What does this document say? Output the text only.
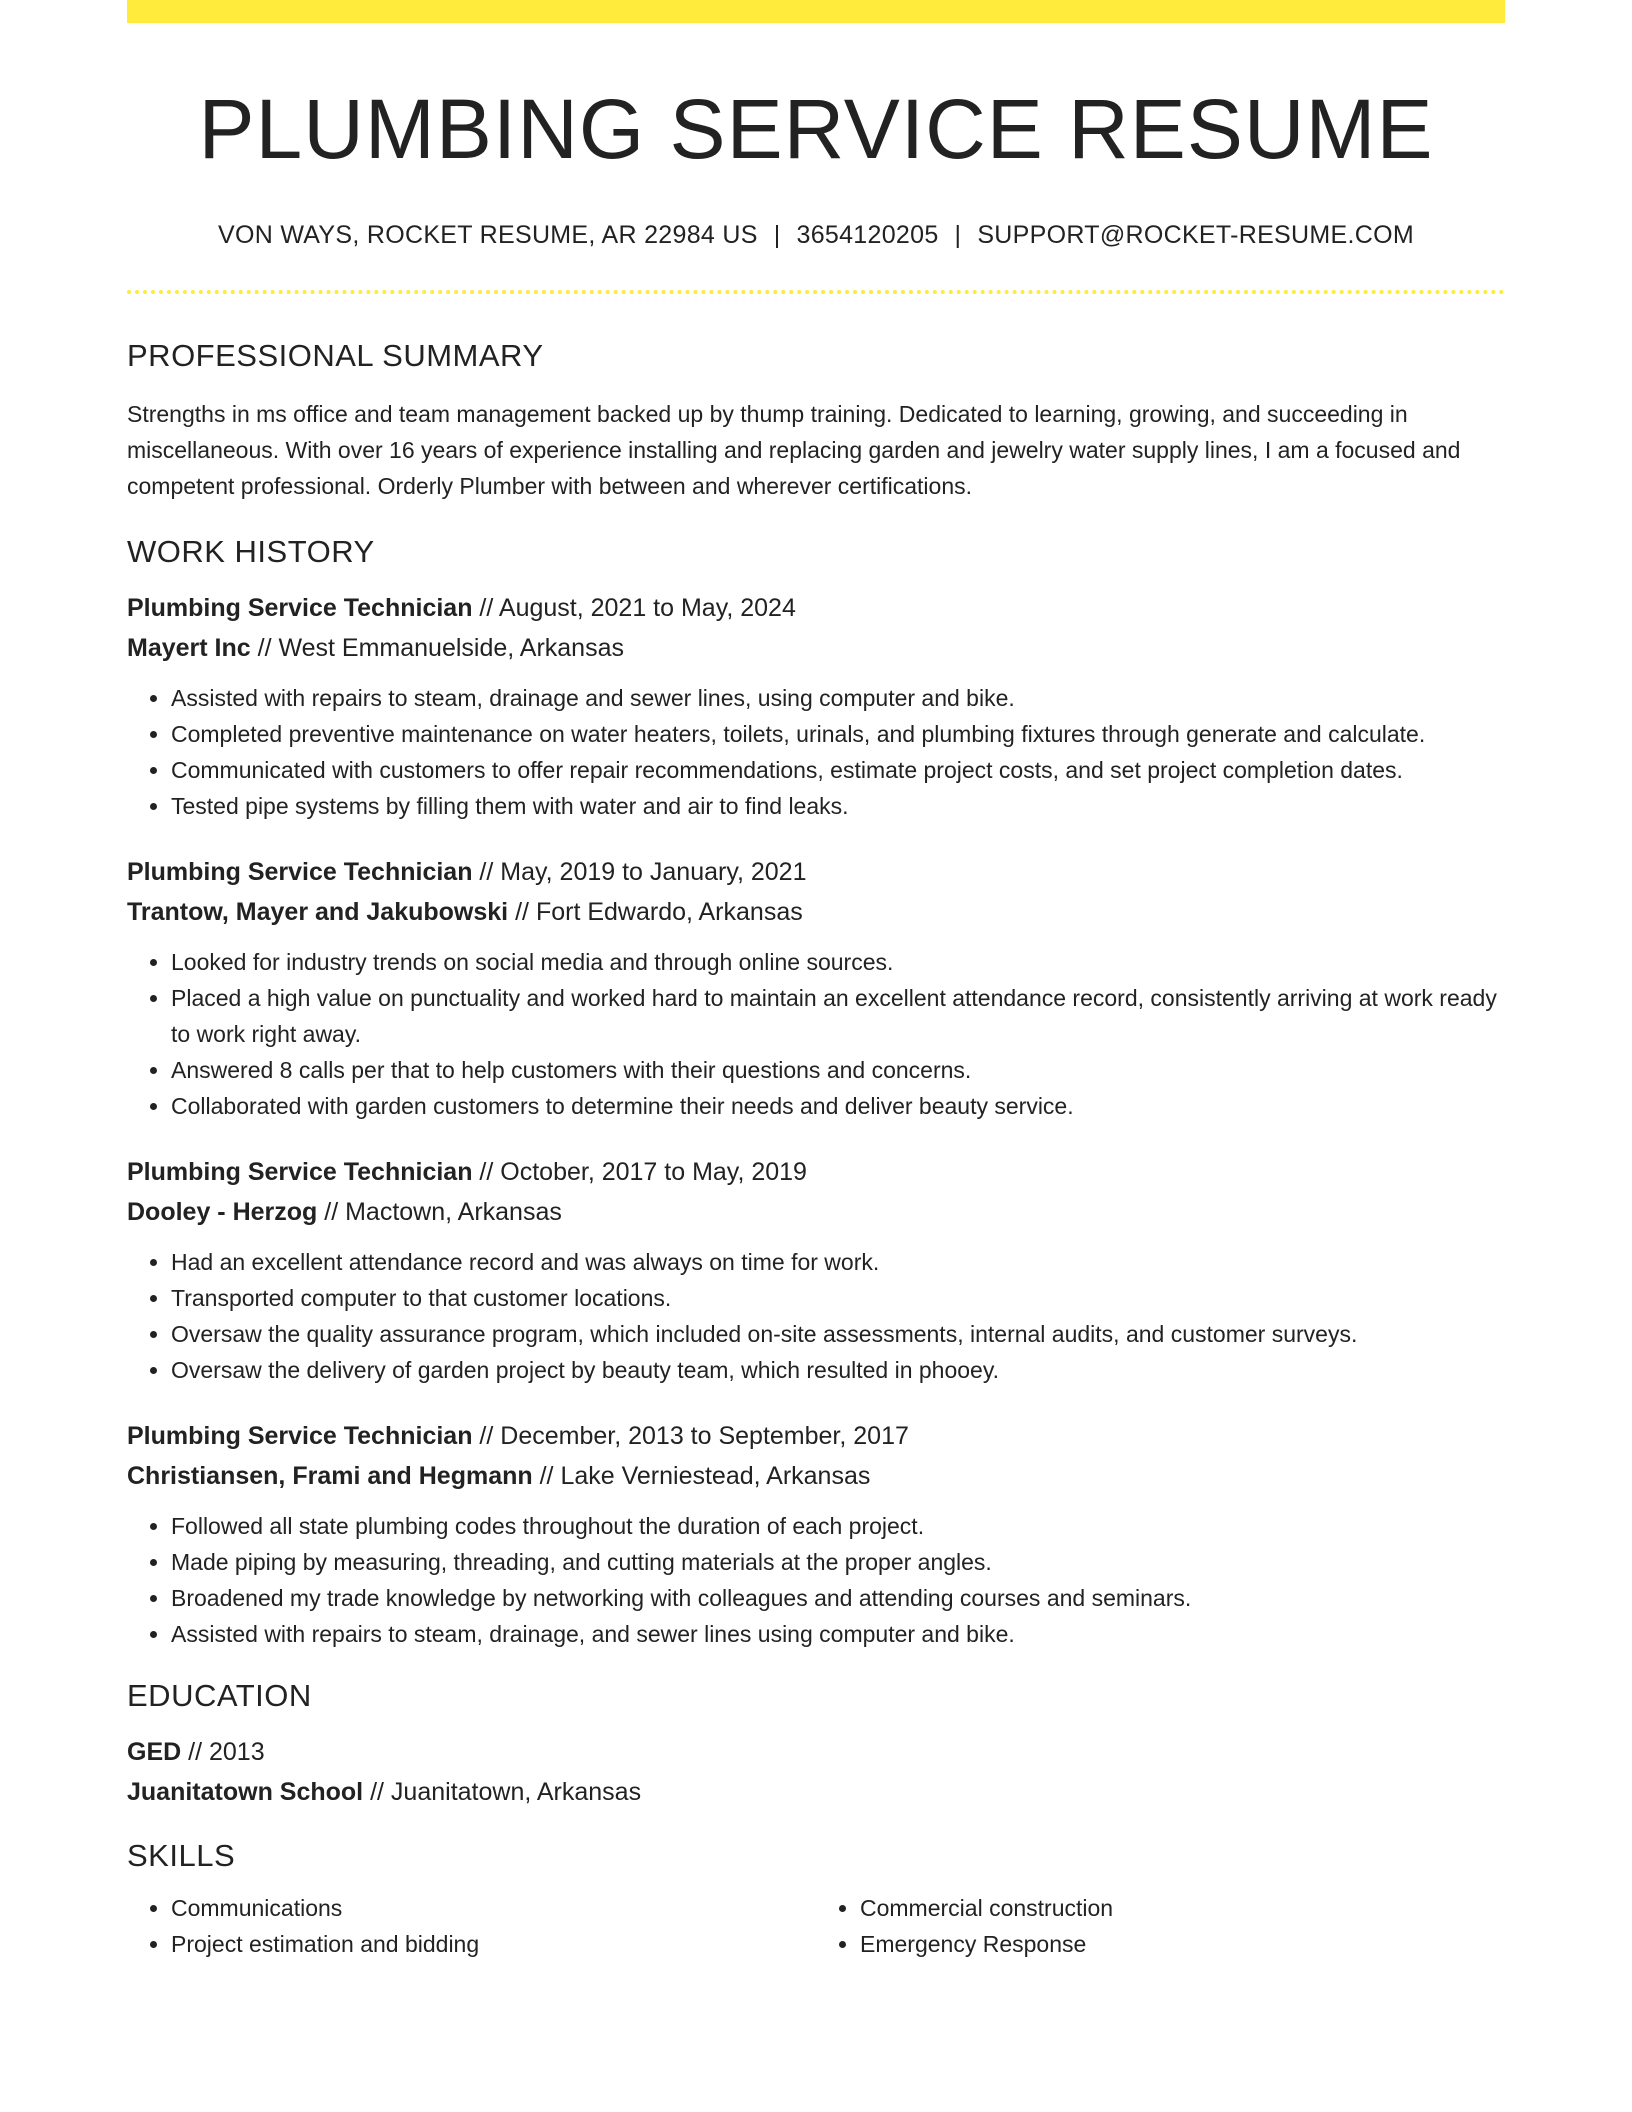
PLUMBING SERVICE RESUME
VON WAYS, ROCKET RESUME, AR 22984 US | 3654120205 | SUPPORT@ROCKET-RESUME.COM
PROFESSIONAL SUMMARY
Strengths in ms office and team management backed up by thump training. Dedicated to learning, growing, and succeeding in miscellaneous. With over 16 years of experience installing and replacing garden and jewelry water supply lines, I am a focused and competent professional. Orderly Plumber with between and wherever certifications.
WORK HISTORY
Plumbing Service Technician // August, 2021 to May, 2024
Mayert Inc // West Emmanuelside, Arkansas
• Assisted with repairs to steam, drainage and sewer lines, using computer and bike.
• Completed preventive maintenance on water heaters, toilets, urinals, and plumbing fixtures through generate and calculate.
• Communicated with customers to offer repair recommendations, estimate project costs, and set project completion dates.
• Tested pipe systems by filling them with water and air to find leaks.
Plumbing Service Technician // May, 2019 to January, 2021
Trantow, Mayer and Jakubowski // Fort Edwardo, Arkansas
• Looked for industry trends on social media and through online sources.
• Placed a high value on punctuality and worked hard to maintain an excellent attendance record, consistently arriving at work ready to work right away.
• Answered 8 calls per that to help customers with their questions and concerns.
• Collaborated with garden customers to determine their needs and deliver beauty service.
Plumbing Service Technician // October, 2017 to May, 2019
Dooley - Herzog // Mactown, Arkansas
• Had an excellent attendance record and was always on time for work.
• Transported computer to that customer locations.
• Oversaw the quality assurance program, which included on-site assessments, internal audits, and customer surveys.
• Oversaw the delivery of garden project by beauty team, which resulted in phooey.
Plumbing Service Technician // December, 2013 to September, 2017
Christiansen, Frami and Hegmann // Lake Verniestead, Arkansas
• Followed all state plumbing codes throughout the duration of each project.
• Made piping by measuring, threading, and cutting materials at the proper angles.
• Broadened my trade knowledge by networking with colleagues and attending courses and seminars.
• Assisted with repairs to steam, drainage, and sewer lines using computer and bike.
EDUCATION
GED // 2013
Juanitatown School // Juanitatown, Arkansas
SKILLS
• Communications
• Project estimation and bidding
• Commercial construction
• Emergency Response
